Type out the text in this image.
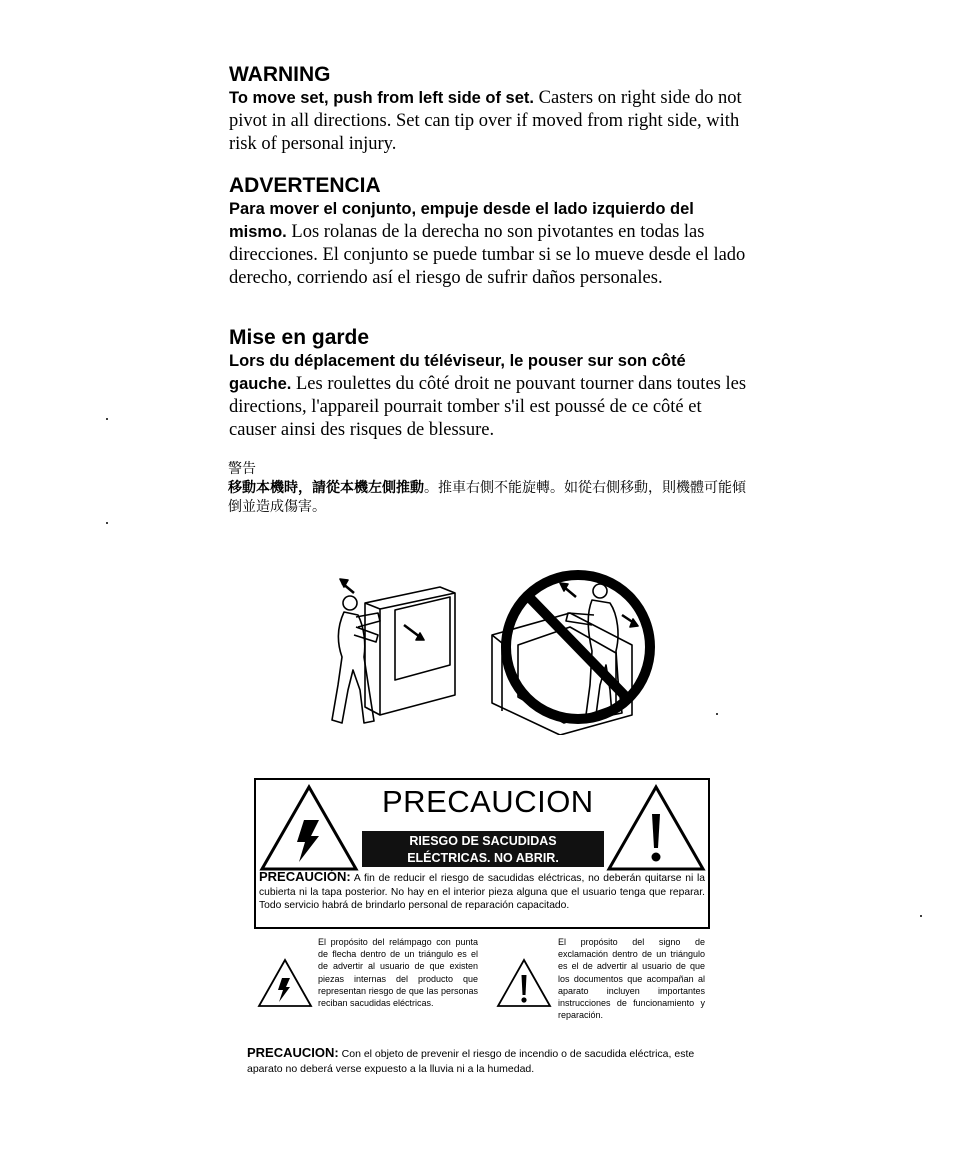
WARNING

To move set, push from left side of set. Casters on right side do not pivot in all directions. Set can tip over if moved from right side, with risk of personal injury.

ADVERTENCIA

Para mover el conjunto, empuje desde el lado izquierdo del mismo. Los rolanas de la derecha no son pivotantes en todas las direcciones. El conjunto se puede tumbar si se lo mueve desde el lado derecho, corriendo así el riesgo de sufrir daños personales.

Mise en garde

Lors du déplacement du téléviseur, le pouser sur son côté gauche. Les roulettes du côté droit ne pouvant tourner dans toutes les directions, l'appareil pourrait tomber s'il est poussé de ce côté et causer ainsi des risques de blessure.

警告
移動本機時，請從本機左側推動。推車右側不能旋轉。如從右側移動，則機體可能傾倒並造成傷害。
PRECAUCION
RIESGO DE SACUDIDAS
ELÉCTRICAS. NO ABRIR.
PRECAUCIÓN: A fin de reducir el riesgo de sacudidas eléctricas, no deberán quitarse ni la cubierta ni la tapa posterior. No hay en el interior pieza alguna que el usuario tenga que reparar. Todo servicio habrá de brindarlo personal de reparación capacitado.
El propósito del relámpago con punta de flecha dentro de un triángulo es el de advertir al usuario de que existen piezas internas del producto que representan riesgo de que las personas reciban sacudidas eléctricas.
El propósito del signo de exclamación dentro de un triángulo es el de advertir al usuario de que los documentos que acompañan al aparato incluyen importantes instrucciones de funcionamiento y reparación.
PRECAUCION: Con el objeto de prevenir el riesgo de incendio o de sacudida eléctrica, este aparato no deberá verse expuesto a la lluvia ni a la humedad.
